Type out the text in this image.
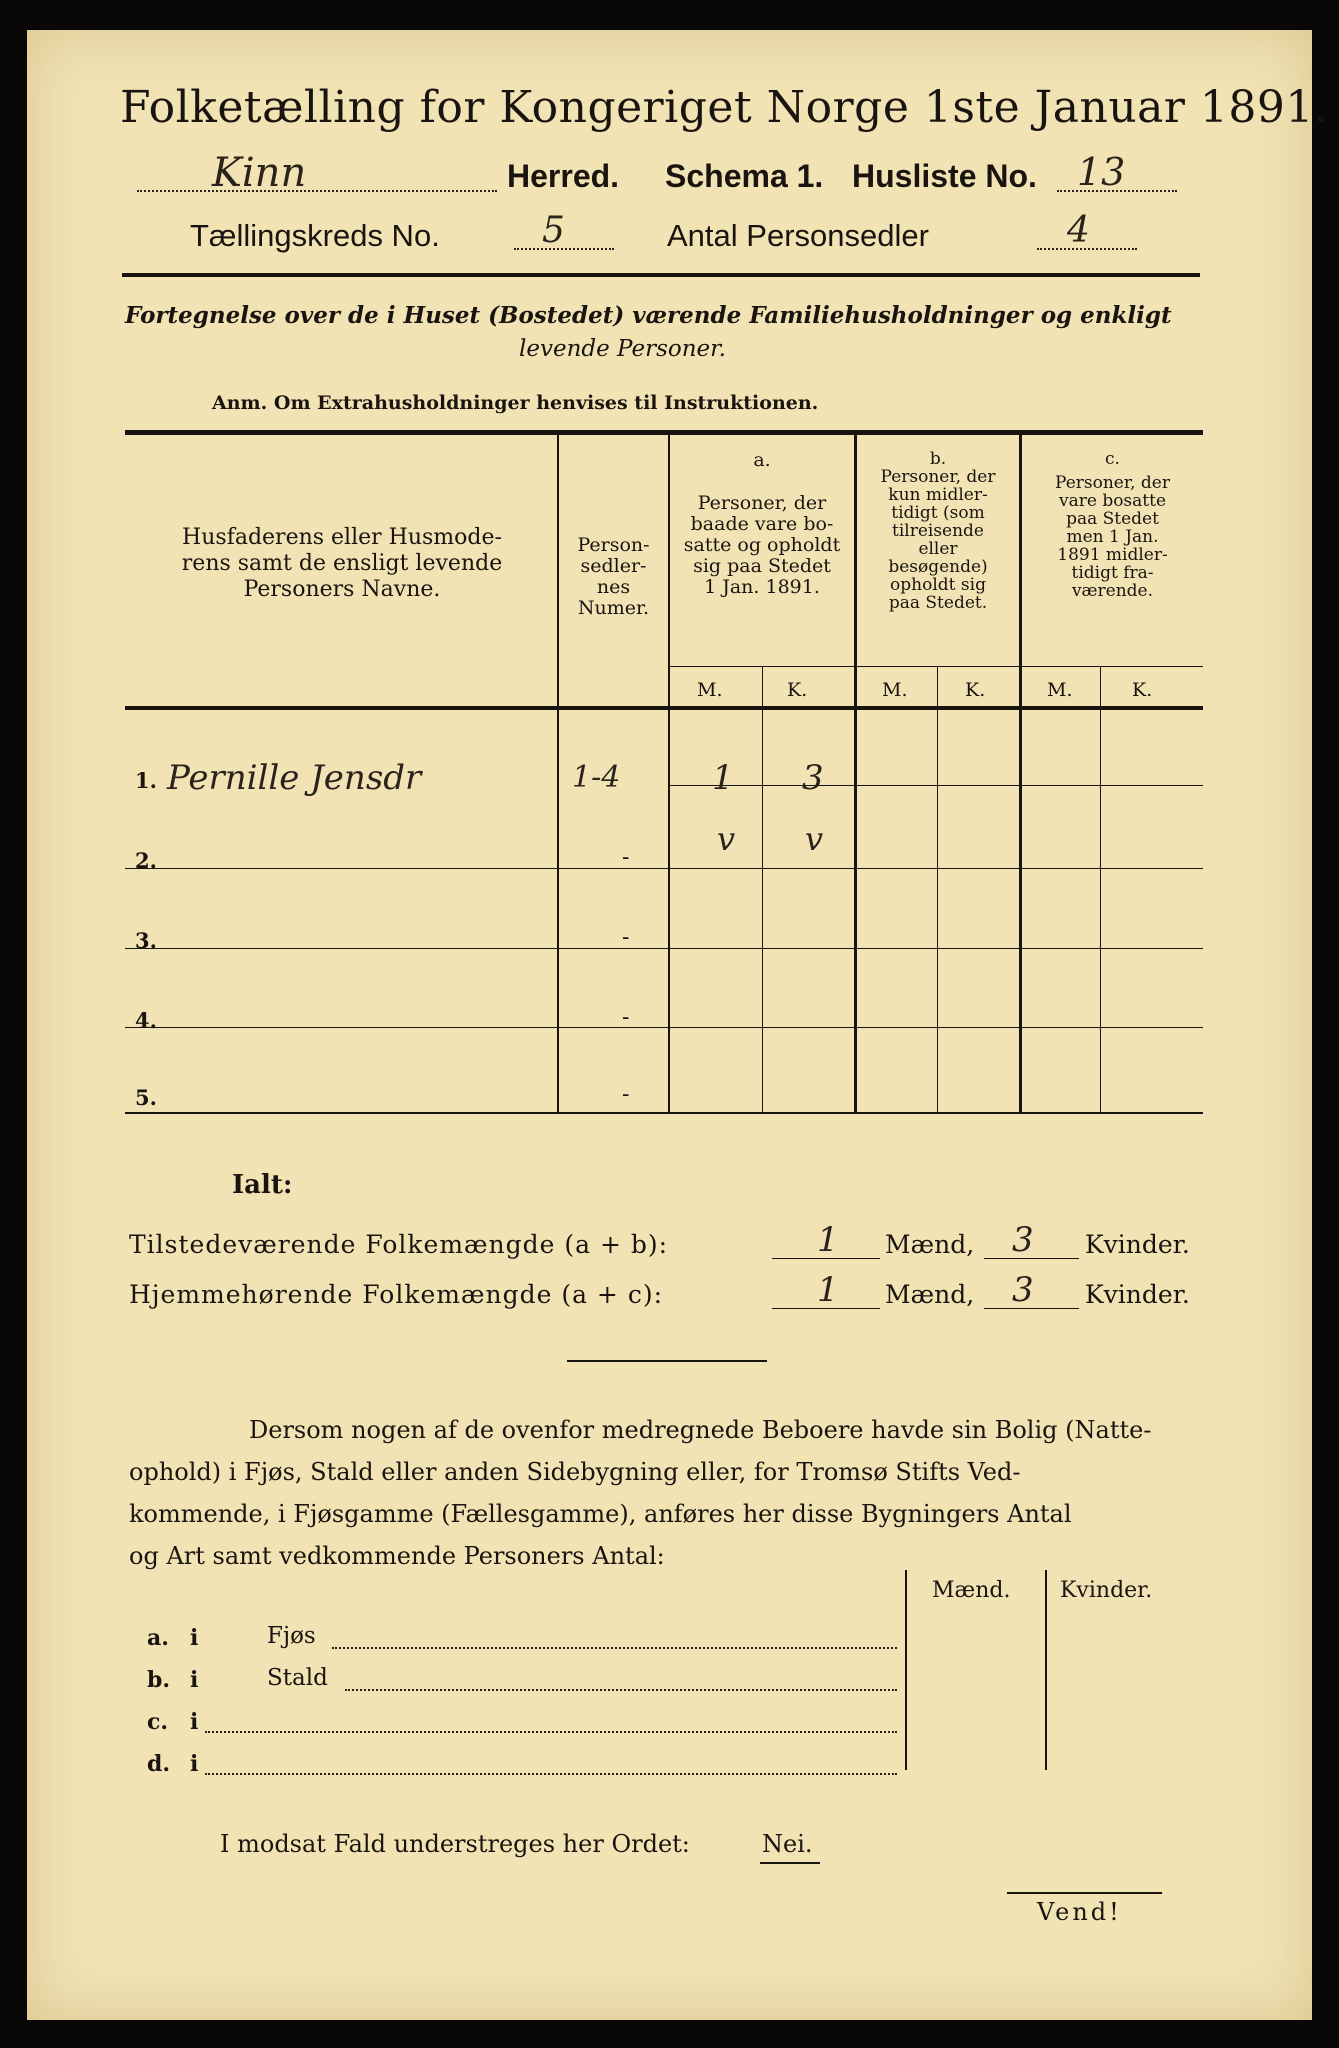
Folketælling for Kongeriget Norge 1ste Januar 1891.
Kinn	Herred. Schema 1. Husliste No. 13
Tællingskreds No.	5	Antal Personsedler	4
Fortegnelse over de i Huset (Bostedet) værende Familiehusholdninger og enkligt
levende Personer.
Anm. Om Extrahusholdninger henvises til Instruktionen.
Husfaderens eller Husmode-
rens samt de ensligt levende
Personers Navne.
Person-
sedler-
nes
Numer.
a.
Personer, der
baade vare bo-
satte og opholdt
sig paa Stedet
1 Jan. 1891.
b.
Personer, der
kun midler-
tidigt (som
tilreisende
eller
besøgende)
opholdt sig
paa Stedet.
c.
Personer, der
vare bosatte
paa Stedet
men 1 Jan.
1891 midler-
tidigt fra-
værende.
M.	K.	M.	K.	M.	K.
1. Pernille Jensdr	1-4	1 3
2.	-	v v
3.	-
4.	-
5.	-
Ialt:
Tilstedeværende Folkemængde (a + b):	1 Mænd, 3 Kvinder.
Hjemmehørende Folkemængde (a + c):	1 Mænd, 3 Kvinder.
Dersom nogen af de ovenfor medregnede Beboere havde sin Bolig (Natte-
ophold) i Fjøs, Stald eller anden Sidebygning eller, for Tromsø Stifts Ved-
kommende, i Fjøsgamme (Fællesgamme), anføres her disse Bygningers Antal
og Art samt vedkommende Personers Antal:
Mænd. Kvinder.
a. i	Fjøs
b. i	Stald
c. i
d. i
I modsat Fald understreges her Ordet:	Nei.
Vend!
